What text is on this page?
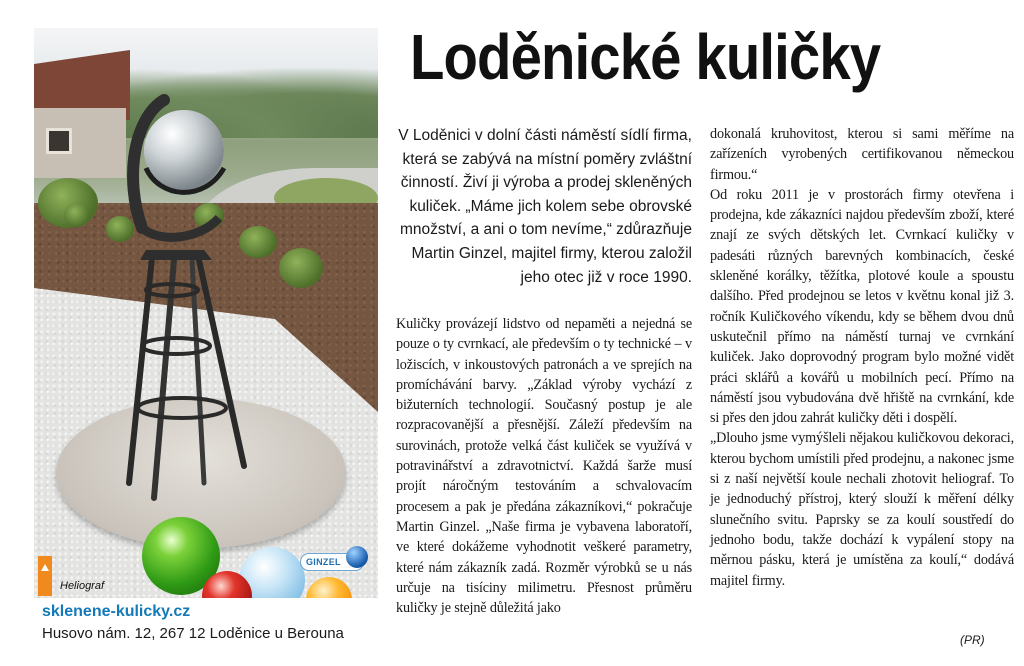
Heliograf
GINZEL
sklenene-kulicky.cz
Husovo nám. 12, 267 12 Loděnice u Berouna
Loděnické kuličky
V Loděnici v dolní části náměstí sídlí firma, která se zabývá na místní poměry zvláštní činností. Živí ji výroba a prodej skleněných kuliček. „Máme jich kolem sebe obrovské množství, a ani o tom nevíme,“ zdůrazňuje Martin Ginzel, majitel firmy, kterou založil jeho otec již v roce 1990.

Kuličky provázejí lidstvo od nepaměti a nejedná se pouze o ty cvrnkací, ale především o ty technické – v ložiscích, v inkoustových patronách a ve sprejích na promíchávání barvy. „Základ výroby vychází z bižuterních technologií. Současný postup je ale rozpracovanější a přesnější. Záleží především na surovinách, protože velká část kuliček se využívá v potravinářství a zdravotnictví. Každá šarže musí projít náročným testováním a schvalovacím procesem a pak je předána zákazníkovi,“ pokračuje Martin Ginzel. „Naše firma je vybavena laboratoří, ve které dokážeme vyhodnotit veškeré parametry, které nám zákazník zadá. Rozměr výrobků se u nás určuje na tisíciny milimetru. Přesnost průměru kuličky je stejně důležitá jako

dokonalá kruhovitost, kterou si sami měříme na zařízeních vyrobených certifikovanou německou firmou.“

Od roku 2011 je v prostorách firmy otevřena i prodejna, kde zákazníci najdou především zboží, které znají ze svých dětských let. Cvrnkací kuličky v padesáti různých barevných kombinacích, české skleněné korálky, těžítka, plotové koule a spoustu dalšího. Před prodejnou se letos v květnu konal již 3. ročník Kuličkového víkendu, kdy se během dvou dnů uskutečnil přímo na náměstí turnaj ve cvrnkání kuliček. Jako doprovodný program bylo možné vidět práci sklářů a kovářů u mobilních pecí. Přímo na náměstí jsou vybudována dvě hřiště na cvrnkání, kde si přes den jdou zahrát kuličky děti i dospělí.

„Dlouho jsme vymýšleli nějakou kuličkovou dekoraci, kterou bychom umístili před prodejnu, a nakonec jsme si z naší největší koule nechali zhotovit heliograf. To je jednoduchý přístroj, který slouží k měření délky slunečního svitu. Paprsky se za koulí soustředí do jednoho bodu, takže dochází k vypálení stopy na měrnou pásku, která je umístěna za koulí,“ dodává majitel firmy.

(PR)
